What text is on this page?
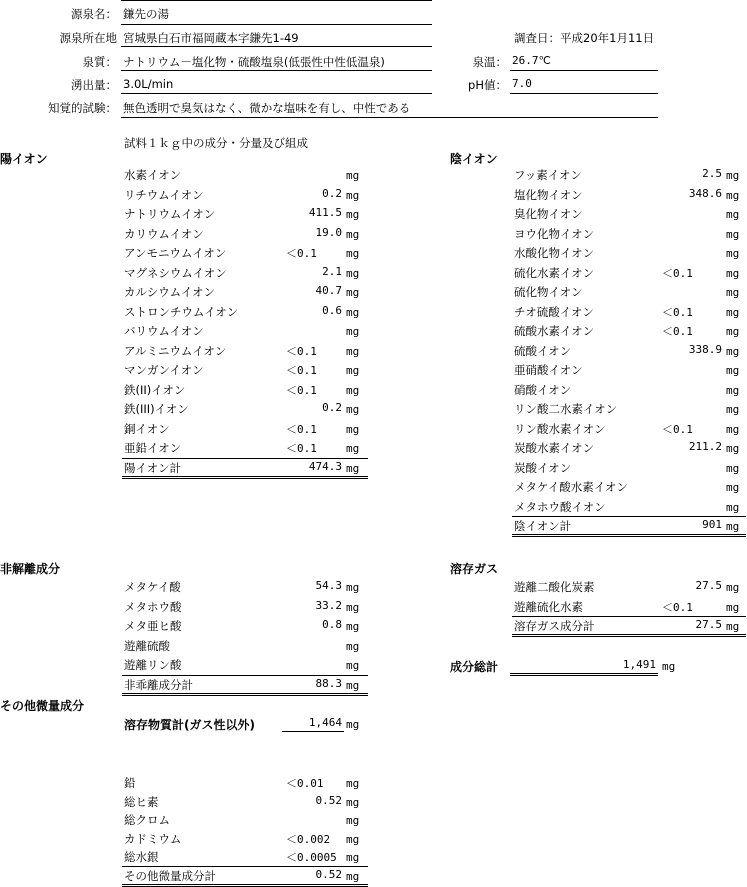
源泉名： 鎌先の湯
源泉所在地 宮城県白石市福岡蔵本字鎌先1-49
泉質： ナトリウム－塩化物・硫酸塩泉(低張性中性低温泉)
湧出量： 3.0L/min
知覚的試験： 無色透明で臭気はなく、微かな塩味を有し、中性である
調査日：平成20年1月11日
泉温： 26.7℃
pH値： 7.0
試料１ｋｇ中の成分・分量及び組成
陽イオン
水素イオン	mg
リチウムイオン	0.2 mg
ナトリウムイオン	411.5 mg
カリウムイオン	19.0 mg
アンモニウムイオン	＜0.1	mg
マグネシウムイオン	2.1 mg
カルシウムイオン	40.7 mg
ストロンチウムイオン	0.6 mg
バリウムイオン	mg
アルミニウムイオン	＜0.1	mg
マンガンイオン	＜0.1	mg
鉄(II)イオン	＜0.1	mg
鉄(III)イオン	0.2 mg
銅イオン	＜0.1	mg
亜鉛イオン	＜0.1	mg
陽イオン計	474.3 mg
陰イオン
フッ素イオン	2.5 mg
塩化物イオン	348.6 mg
臭化物イオン	mg
ヨウ化物イオン	mg
水酸化物イオン	mg
硫化水素イオン	＜0.1	mg
硫化物イオン	mg
チオ硫酸イオン	＜0.1	mg
硫酸水素イオン	＜0.1	mg
硫酸イオン	338.9 mg
亜硝酸イオン	mg
硝酸イオン	mg
リン酸二水素イオン	mg
リン酸水素イオン	＜0.1	mg
炭酸水素イオン	211.2 mg
炭酸イオン	mg
メタケイ酸水素イオン	mg
メタホウ酸イオン	mg
陰イオン計	901 mg
非解離成分
メタケイ酸	54.3 mg
メタホウ酸	33.2 mg
メタ亜ヒ酸	0.8 mg
遊離硫酸	mg
遊離リン酸	mg
非乖離成分計	88.3 mg
溶存ガス
遊離二酸化炭素	27.5 mg
遊離硫化水素	＜0.1	mg
溶存ガス成分計	27.5 mg
成分総計	1,491 mg
その他微量成分
溶存物質計(ガス性以外)	1,464 mg
鉛	＜0.01 mg
総ヒ素	0.52 mg
総クロム	mg
カドミウム	＜0.002 mg
総水銀	＜0.0005 mg
その他微量成分計	0.52 mg
